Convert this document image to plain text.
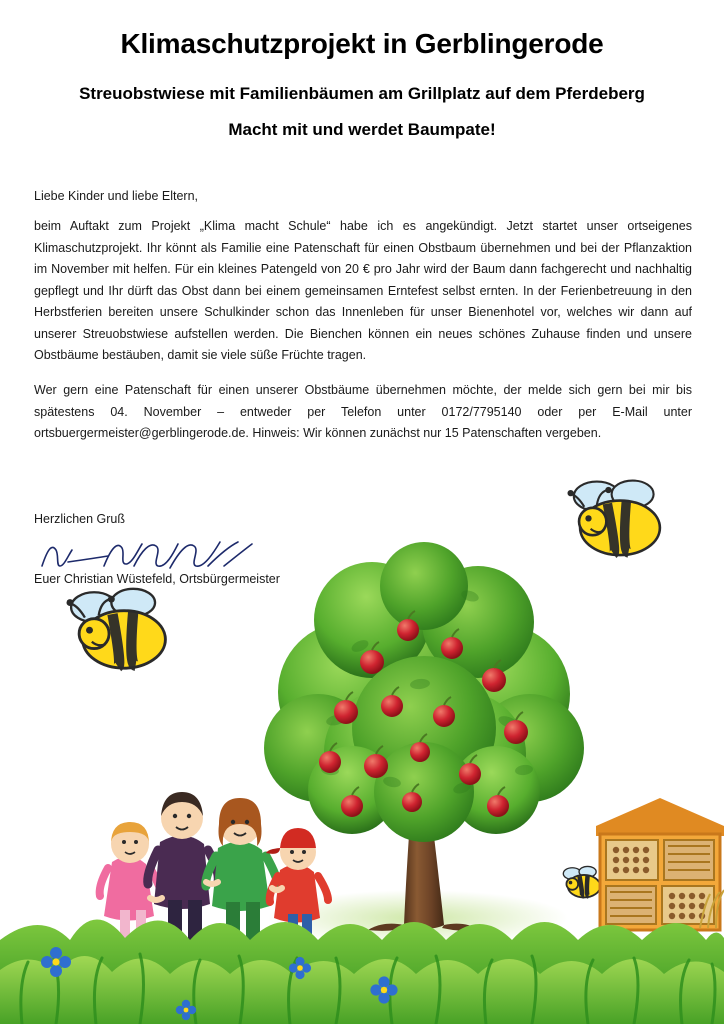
Klimaschutzprojekt in Gerblingerode
Streuobstwiese mit Familienbäumen am Grillplatz auf dem Pferdeberg
Macht mit und werdet Baumpate!
Liebe Kinder und liebe Eltern,
beim Auftakt zum Projekt „Klima macht Schule“ habe ich es angekündigt. Jetzt startet unser ortseigenes Klimaschutzprojekt. Ihr könnt als Familie eine Patenschaft für einen Obstbaum übernehmen und bei der Pflanzaktion im November mit helfen. Für ein kleines Patengeld von 20 € pro Jahr wird der Baum dann fachgerecht und nachhaltig gepflegt und Ihr dürft das Obst dann bei einem gemeinsamen Erntefest selbst ernten. In der Ferienbetreuung in den Herbstferien bereiten unsere Schulkinder schon das Innenleben für unser Bienenhotel vor, welches wir dann auf unserer Streuobstwiese aufstellen werden. Die Bienchen können ein neues schönes Zuhause finden und unsere Obstbäume bestäuben, damit sie viele süße Früchte tragen.
Wer gern eine Patenschaft für einen unserer Obstbäume übernehmen möchte, der melde sich gern bei mir bis spätestens 04. November – entweder per Telefon unter 0172/7795140 oder per E-Mail unter ortsbuergermeister@gerblingerode.de. Hinweis: Wir können zunächst nur 15 Patenschaften vergeben.
Herzlichen Gruß
Euer Christian Wüstefeld, Ortsbürgermeister
